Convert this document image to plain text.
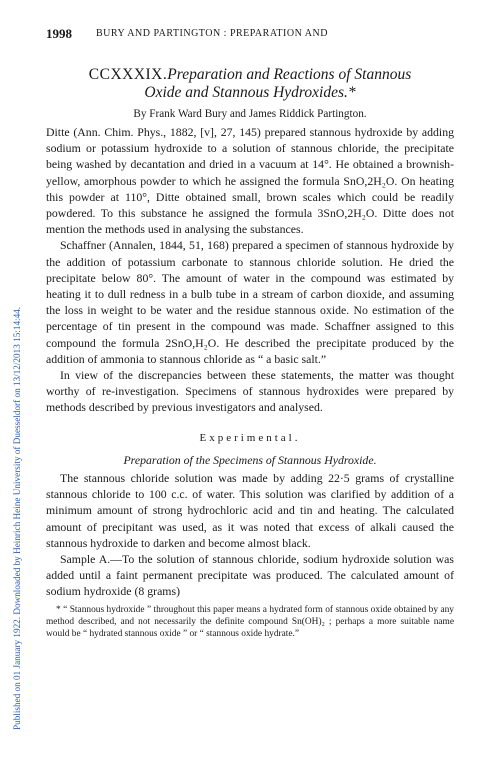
Published on 01 January 1922. Downloaded by Heinrich Heine University of Duesseldorf on 13/12/2013 15:14:44.
1998 BURY AND PARTINGTON : PREPARATION AND
CCXXXIX.Preparation and Reactions of Stannous
Oxide and Stannous Hydroxides.*
By Frank Ward Bury and James Riddick Partington.

Ditte (Ann. Chim. Phys., 1882, [v], 27, 145) prepared stannous hydroxide by adding sodium or potassium hydroxide to a solution of stannous chloride, the precipitate being washed by decantation and dried in a vacuum at 14°. He obtained a brownish-yellow, amorphous powder to which he assigned the formula SnO,2H₂O. On heating this powder at 110°, Ditte obtained small, brown scales which could be readily powdered. To this substance he assigned the formula 3SnO,2H₂O. Ditte does not mention the methods used in analysing the substances.

Schaffner (Annalen, 1844, 51, 168) prepared a specimen of stannous hydroxide by the addition of potassium carbonate to stannous chloride solution. He dried the precipitate below 80°. The amount of water in the compound was estimated by heating it to dull redness in a bulb tube in a stream of carbon dioxide, and assuming the loss in weight to be water and the residue stannous oxide. No estimation of the percentage of tin present in the compound was made. Schaffner assigned to this compound the formula 2SnO,H₂O. He described the precipitate produced by the addition of ammonia to stannous chloride as “ a basic salt.”

In view of the discrepancies between these statements, the matter was thought worthy of re-investigation. Specimens of stannous hydroxides were prepared by methods described by previous investigators and analysed.

Experimental.
Preparation of the Specimens of Stannous Hydroxide.

The stannous chloride solution was made by adding 22·5 grams of crystalline stannous chloride to 100 c.c. of water. This solution was clarified by addition of a minimum amount of strong hydrochloric acid and tin and heating. The calculated amount of precipitant was used, as it was noted that excess of alkali caused the stannous hydroxide to darken and become almost black.

Sample A.—To the solution of stannous chloride, sodium hydroxide solution was added until a faint permanent precipitate was produced. The calculated amount of sodium hydroxide (8 grams)

* “ Stannous hydroxide ” throughout this paper means a hydrated form of stannous oxide obtained by any method described, and not necessarily the definite compound Sn(OH)₂ ; perhaps a more suitable name would be “ hydrated stannous oxide ” or “ stannous oxide hydrate.”
